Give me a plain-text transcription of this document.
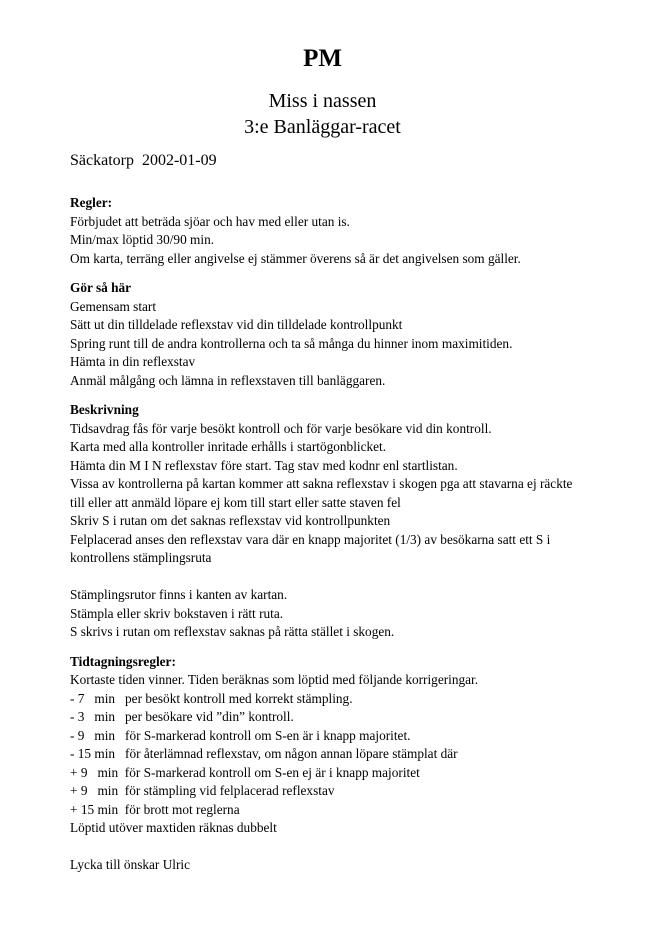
PM
Miss i nassen
3:e Banläggar-racet
Säckatorp  2002-01-09
Regler:
Förbjudet att beträda sjöar och hav med eller utan is.
Min/max löptid 30/90 min.
Om karta, terräng eller angivelse ej stämmer överens så är det angivelsen som gäller.
Gör så här
Gemensam start
Sätt ut din tilldelade reflexstav vid din tilldelade kontrollpunkt
Spring runt till de andra kontrollerna och ta så många du hinner inom maximitiden.
Hämta in din reflexstav
Anmäl målgång och lämna in reflexstaven till banläggaren.
Beskrivning
Tidsavdrag fås för varje besökt kontroll och för varje besökare vid din kontroll.
Karta med alla kontroller inritade erhålls i startögonblicket.
Hämta din M I N reflexstav före start. Tag stav med kodnr enl startlistan.
Vissa av kontrollerna på kartan kommer att sakna reflexstav i skogen pga att stavarna ej räckte
till eller att anmäld löpare ej kom till start eller satte staven fel
Skriv S i rutan om det saknas reflexstav vid kontrollpunkten
Felplacerad anses den reflexstav vara där en knapp majoritet (1/3) av besökarna satt ett S i
kontrollens stämplingsruta
Stämplingsrutor finns i kanten av kartan.
Stämpla eller skriv bokstaven i rätt ruta.
S skrivs i rutan om reflexstav saknas på rätta stället i skogen.
Tidtagningsregler:
Kortaste tiden vinner. Tiden beräknas som löptid med följande korrigeringar.
- 7   min   per besökt kontroll med korrekt stämpling.
- 3   min   per besökare vid ”din” kontroll.
- 9   min   för S-markerad kontroll om S-en är i knapp majoritet.
- 15 min   för återlämnad reflexstav, om någon annan löpare stämplat där
+ 9   min  för S-markerad kontroll om S-en ej är i knapp majoritet
+ 9   min  för stämpling vid felplacerad reflexstav
+ 15 min  för brott mot reglerna
Löptid utöver maxtiden räknas dubbelt
Lycka till önskar Ulric
